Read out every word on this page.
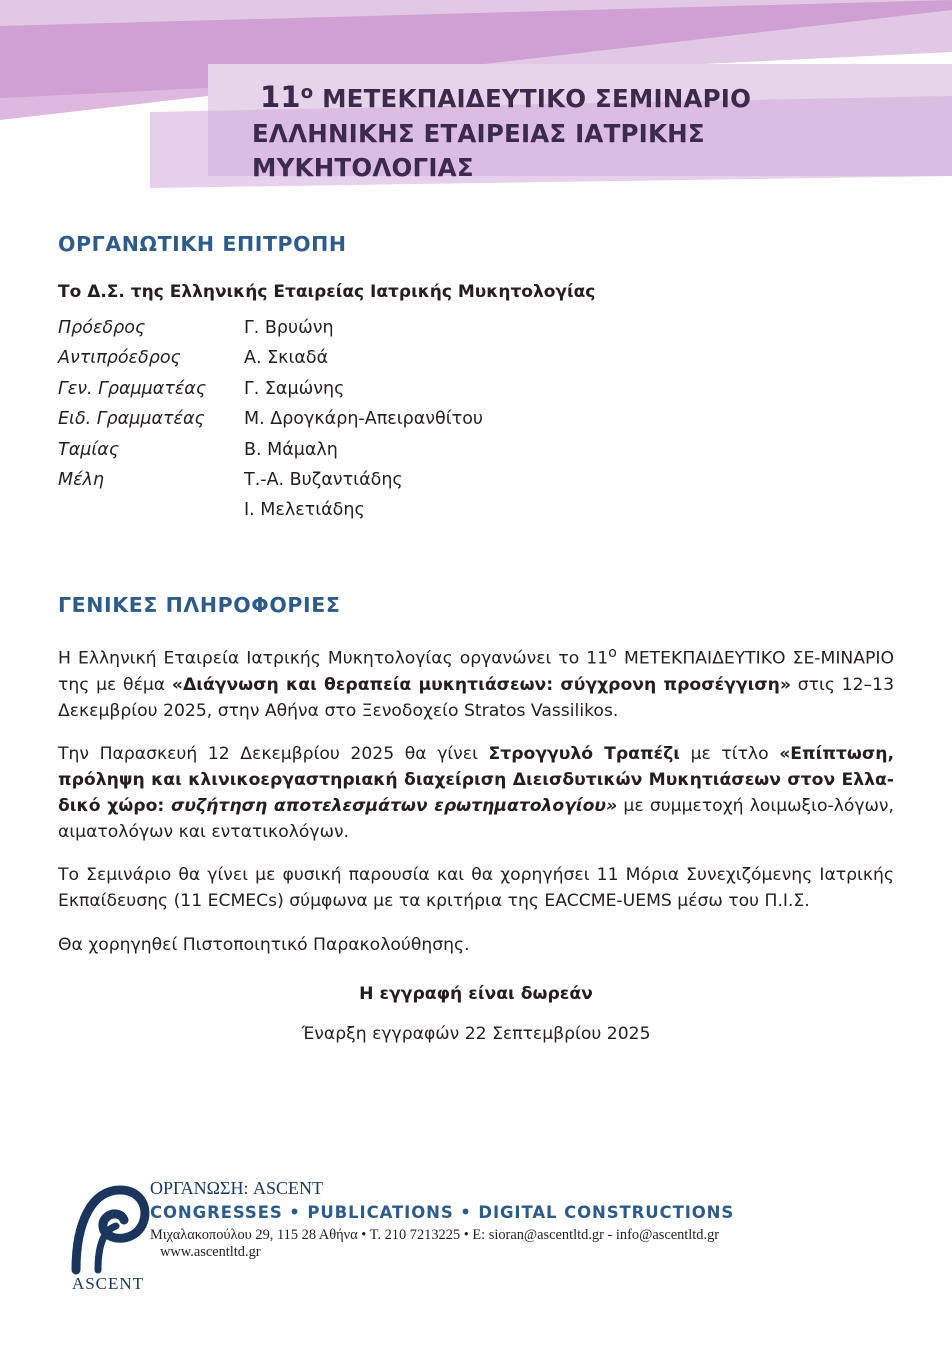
11$^o$ ΜΕΤΕΚΠΑΙΔΕΥΤΙΚΟ ΣΕΜΙΝΑΡΙΟ
ΕΛΛΗΝΙΚΗΣ ΕΤΑΙΡΕΙΑΣ ΙΑΤΡΙΚΗΣ ΜΥΚΗΤΟΛΟΓΙΑΣ
ΟΡΓΑΝΩΤΙΚΗ ΕΠΙΤΡΟΠΗ

Το Δ.Σ. της Ελληνικής Εταιρείας Ιατρικής Μυκητολογίας

Πρόεδρος	Γ. Βρυώνη
Αντιπρόεδρος	Α. Σκιαδά
Γεν. Γραμματέας	Γ. Σαμώνης
Ειδ. Γραμματέας	Μ. Δρογκάρη-Απειρανθίτου
Ταμίας	Β. Μάμαλη
Μέλη	Τ.-Α. Βυζαντιάδης
	Ι. Μελετιάδης
ΓΕΝΙΚΕΣ ΠΛΗΡΟΦΟΡΙΕΣ

Η Ελληνική Εταιρεία Ιατρικής Μυκητολογίας οργανώνει το $11^o$ ΜΕΤΕΚΠΑΙΔΕΥΤΙΚΟ ΣΕ-ΜΙΝΑΡΙΟ της με θέμα «Διάγνωση και θεραπεία μυκητιάσεων: σύγχρονη προσέγγιση» στις 12–13 Δεκεμβρίου 2025, στην Αθήνα στο Ξενοδοχείο Stratos Vassilikos.

Την Παρασκευή 12 Δεκεμβρίου 2025 θα γίνει Στρογγυλό Τραπέζι με τίτλο «Επίπτωση, πρόληψη και κλινικοεργαστηριακή διαχείριση Διεισδυτικών Μυκητιάσεων στον Ελλα-δικό χώρο: συζήτηση αποτελεσμάτων ερωτηματολογίου» με συμμετοχή λοιμωξιο-λόγων, αιματολόγων και εντατικολόγων.

Το Σεμινάριο θα γίνει με φυσική παρουσία και θα χορηγήσει 11 Μόρια Συνεχιζόμενης Ιατρικής Εκπαίδευσης (11 ECMECs) σύμφωνα με τα κριτήρια της EACCME-UEMS μέσω του Π.Ι.Σ.

Θα χορηγηθεί Πιστοποιητικό Παρακολούθησης.

Η εγγραφή είναι δωρεάν

Έναρξη εγγραφών 22 Σεπτεμβρίου 2025

ASCENT
ΟΡΓΑΝΩΣΗ: ASCENT
CONGRESSES • PUBLICATIONS • DIGITAL CONSTRUCTIONS
Μιχαλακοπούλου 29, 115 28 Αθήνα • Τ. 210 7213225 • E: sioran@ascentltd.gr - info@ascentltd.gr
www.ascentltd.gr
